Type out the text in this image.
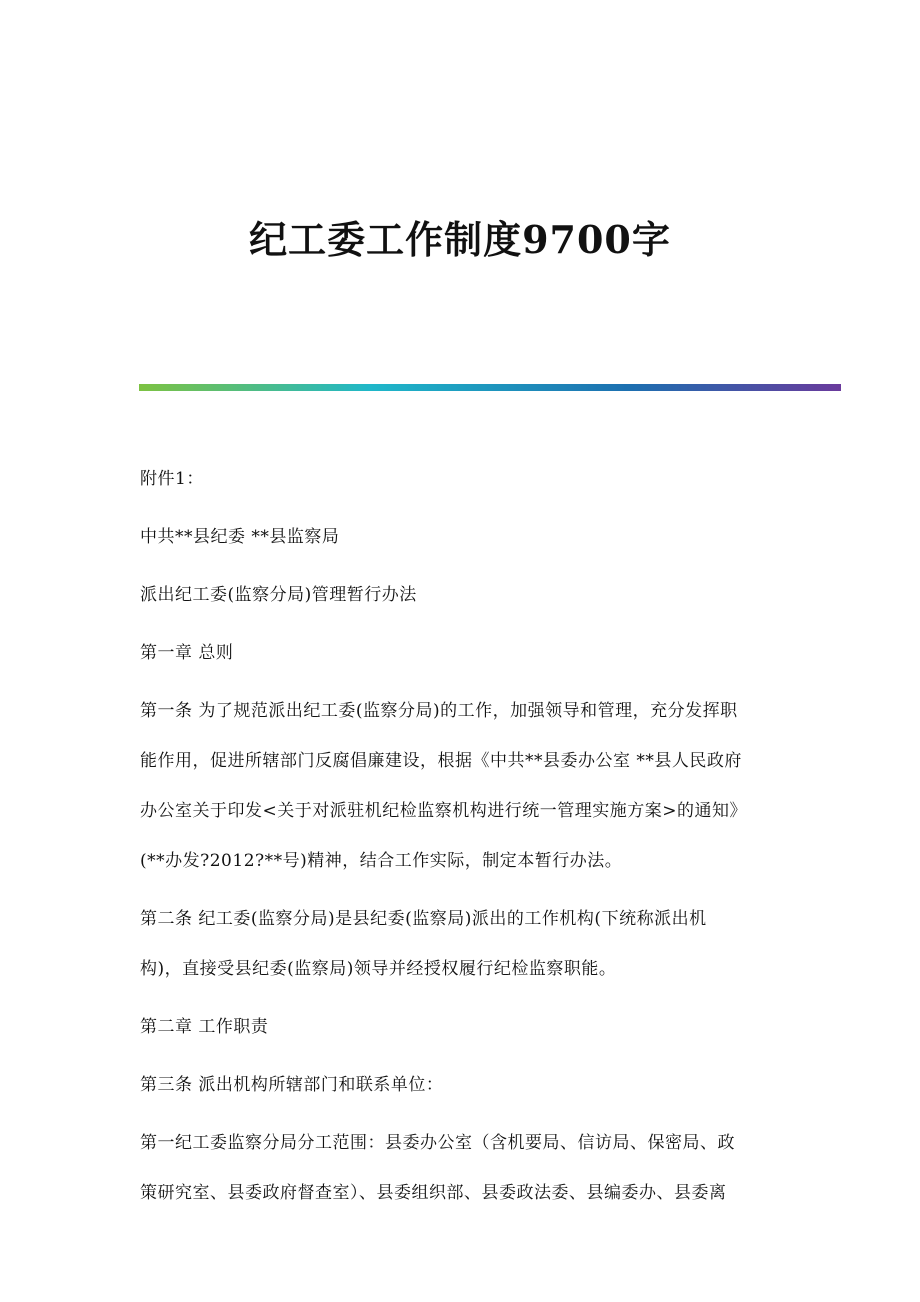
纪工委工作制度9700字

附件1：

中共**县纪委 **县监察局

派出纪工委(监察分局)管理暂行办法

第一章 总则

第一条 为了规范派出纪工委(监察分局)的工作，加强领导和管理，充分发挥职
能作用，促进所辖部门反腐倡廉建设，根据《中共**县委办公室 **县人民政府
办公室关于印发<关于对派驻机纪检监察机构进行统一管理实施方案>的通知》
(**办发?2012?**号)精神，结合工作实际，制定本暂行办法。

第二条 纪工委(监察分局)是县纪委(监察局)派出的工作机构(下统称派出机
构)，直接受县纪委(监察局)领导并经授权履行纪检监察职能。

第二章 工作职责

第三条 派出机构所辖部门和联系单位：

第一纪工委监察分局分工范围：县委办公室（含机要局、信访局、保密局、政
策研究室、县委政府督查室）、县委组织部、县委政法委、县编委办、县委离
